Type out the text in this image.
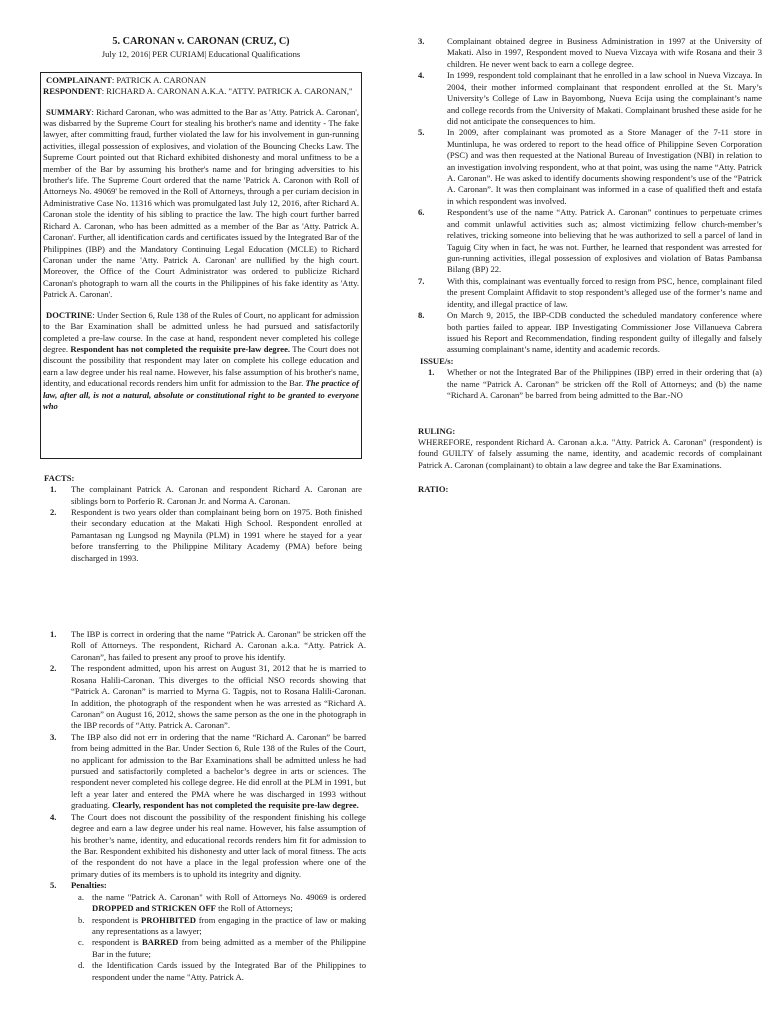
5. CARONAN v. CARONAN (CRUZ, C)
July 12, 2016| PER CURIAM| Educational Qualifications

COMPLAINANT: PATRICK A. CARONAN

RESPONDENT: RICHARD A. CARONAN A.K.A. "ATTY. PATRICK A. CARONAN,"

SUMMARY: Richard Caronan, who was admitted to the Bar as 'Atty. Patrick A. Caronan', was disbarred by the Supreme Court for stealing his brother's name and identity - The fake lawyer, after committing fraud, further violated the law for his involvement in gun-running activities, illegal possession of explosives, and violation of the Bouncing Checks Law. The Supreme Court pointed out that Richard exhibited dishonesty and moral unfitness to be a member of the Bar by assuming his brother's name and for bringing adversities to his brother's life. The Supreme Court ordered that the name 'Patrick A. Caronon with Roll of Attorneys No. 49069' be removed in the Roll of Attorneys, through a per curiam decision in Administrative Case No. 11316 which was promulgated last July 12, 2016, after Richard A. Caronan stole the identity of his sibling to practice the law. The high court further barred Richard A. Caronan, who has been admitted as a member of the Bar as 'Atty. Patrick A. Caronan'. Further, all identification cards and certificates issued by the Integrated Bar of the Philippines (IBP) and the Mandatory Continuing Legal Education (MCLE) to Richard Caronan under the name 'Atty. Patrick A. Caronan' are nullified by the high court. Moreover, the Office of the Court Administrator was ordered to publicize Richard Caronan's photograph to warn all the courts in the Philippines of his fake identity as 'Atty. Patrick A. Caronan'.

DOCTRINE: Under Section 6, Rule 138 of the Rules of Court, no applicant for admission to the Bar Examination shall be admitted unless he had pursued and satisfactorily completed a pre-law course. In the case at hand, respondent never completed his college degree. Respondent has not completed the requisite pre-law degree. The Court does not discount the possibility that respondent may later on complete his college education and earn a law degree under his real name. However, his false assumption of his brother's name, identity, and educational records renders him unfit for admission to the Bar. The practice of law, after all, is not a natural, absolute or constitutional right to be granted to everyone who

FACTS:
1.	The complainant Patrick A. Caronan and respondent Richard A. Caronan are siblings born to Porferio R. Caronan Jr. and Norma A. Caronan.
2.	Respondent is two years older than complainant being born on 1975. Both finished their secondary education at the Makati High School. Respondent enrolled at Pamantasan ng Lungsod ng Maynila (PLM) in 1991 where he stayed for a year before transferring to the Philippine Military Academy (PMA) before being discharged in 1993.
3.	Complainant obtained degree in Business Administration in 1997 at the University of Makati. Also in 1997, Respondent moved to Nueva Vizcaya with wife Rosana and their 3 children. He never went back to earn a college degree.
4.	In 1999, respondent told complainant that he enrolled in a law school in Nueva Vizcaya. In 2004, their mother informed complainant that respondent enrolled at the St. Mary’s University’s College of Law in Bayombong, Nueva Ecija using the complainant’s name and college records from the University of Makati. Complainant brushed these aside for he did not anticipate the consequences to him.
5.	In 2009, after complainant was promoted as a Store Manager of the 7-11 store in Muntinlupa, he was ordered to report to the head office of Philippine Seven Corporation (PSC) and was then requested at the National Bureau of Investigation (NBI) in relation to an investigation involving respondent, who at that point, was using the name “Atty. Patrick A. Caronan”. He was asked to identify documents showing respondent’s use of the “Patrick A. Caronan”. It was then complainant was informed in a case of qualified theft and estafa in which respondent was involved.
6.	Respondent’s use of the name “Atty. Patrick A. Caronan” continues to perpetuate crimes and commit unlawful activities such as; almost victimizing fellow church-member’s relatives, tricking someone into believing that he was authorized to sell a parcel of land in Taguig City when in fact, he was not. Further, he learned that respondent was arrested for gun-running activities, illegal possession of explosives and violation of Batas Pambansa Bilang (BP) 22.
7.	With this, complainant was eventually forced to resign from PSC, hence, complainant filed the present Complaint Affidavit to stop respondent’s alleged use of the former’s name and identity, and illegal practice of law.
8.	On March 9, 2015, the IBP-CDB conducted the scheduled mandatory conference where both parties failed to appear. IBP Investigating Commissioner Jose Villanueva Cabrera issued his Report and Recommendation, finding respondent guilty of illegally and falsely assuming complainant’s name, identity and academic records.
ISSUE/s:
1.	Whether or not the Integrated Bar of the Philippines (IBP) erred in their ordering that (a) the name “Patrick A. Caronan” be stricken off the Roll of Attorneys; and (b) the name “Richard A. Caronan” be barred from being admitted to the Bar.-NO
RULING:

WHEREFORE, respondent Richard A. Caronan a.k.a. "Atty. Patrick A. Caronan" (respondent) is found GUILTY of falsely assuming the name, identity, and academic records of complainant Patrick A. Caronan (complainant) to obtain a law degree and take the Bar Examinations.

RATIO:
1.	The IBP is correct in ordering that the name “Patrick A. Caronan” be stricken off the Roll of Attorneys. The respondent, Richard A. Caronan a.k.a. “Atty. Patrick A. Caronan”, has failed to present any proof to prove his identify.
2.	The respondent admitted, upon his arrest on August 31, 2012 that he is married to Rosana Halili-Caronan. This diverges to the official NSO records showing that “Patrick A. Caronan” is married to Myrna G. Tagpis, not to Rosana Halili-Caronan. In addition, the photograph of the respondent when he was arrested as “Richard A. Caronan” on August 16, 2012, shows the same person as the one in the photograph in the IBP records of “Atty. Patrick A. Caronan”.
3.	The IBP also did not err in ordering that the name “Richard A. Caronan” be barred from being admitted in the Bar. Under Section 6, Rule 138 of the Rules of the Court, no applicant for admission to the Bar Examinations shall be admitted unless he had pursued and satisfactorily completed a bachelor’s degree in arts or sciences. The respondent never completed his college degree. He did enroll at the PLM in 1991, but left a year later and entered the PMA where he was discharged in 1993 without graduating. Clearly, respondent has not completed the requisite pre-law degree.
4.	The Court does not discount the possibility of the respondent finishing his college degree and earn a law degree under his real name. However, his false assumption of his brother’s name, identity, and educational records renders him fit for admission to the Bar. Respondent exhibited his dishonesty and utter lack of moral fitness. The acts of the respondent do not have a place in the legal profession where one of the primary duties of its members is to uphold its integrity and dignity.
5.	Penalties:
a. the name "Patrick A. Caronan" with Roll of Attorneys No. 49069 is ordered DROPPED and STRICKEN OFF the Roll of Attorneys;
b. respondent is PROHIBITED from engaging in the practice of law or making any representations as a lawyer;
c. respondent is BARRED from being admitted as a member of the Philippine Bar in the future;
d. the Identification Cards issued by the Integrated Bar of the Philippines to respondent under the name "Atty. Patrick A.
